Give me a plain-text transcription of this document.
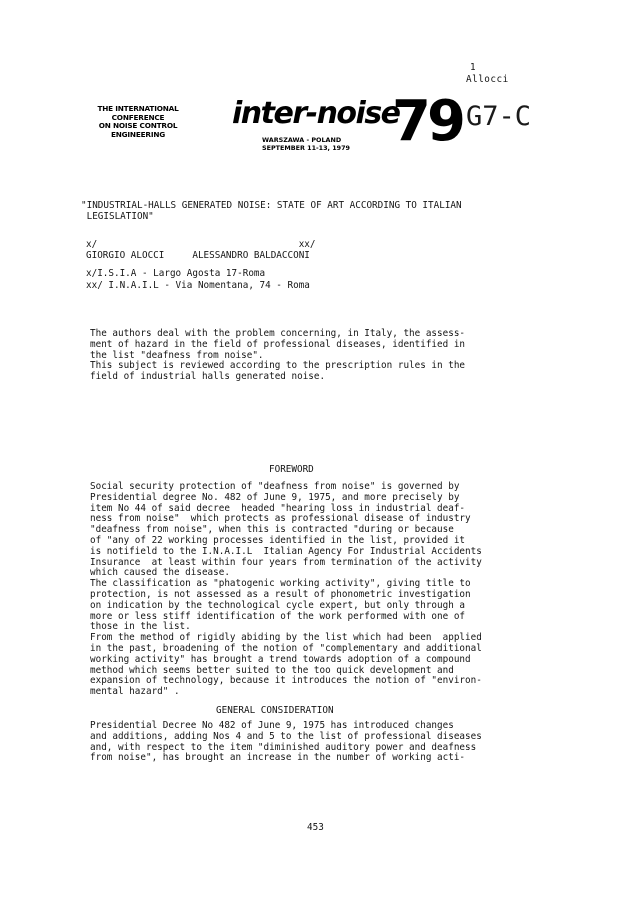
1
Allocci
THE INTERNATIONAL
CONFERENCE
ON NOISE CONTROL
ENGINEERING
inter-noise
79
WARSZAWA - POLAND
SEPTEMBER 11-13, 1979
G7-C
"INDUSTRIAL-HALLS GENERATED NOISE: STATE OF ART ACCORDING TO ITALIAN
LEGISLATION"
x/                                    xx/
GIORGIO ALOCCI     ALESSANDRO BALDACCONI
x/I.S.I.A - Largo Agosta 17-Roma
xx/ I.N.A.I.L - Via Nomentana, 74 - Roma
The authors deal with the problem concerning, in Italy, the assess-
ment of hazard in the field of professional diseases, identified in
the list "deafness from noise".
This subject is reviewed according to the prescription rules in the
field of industrial halls generated noise.
FOREWORD
Social security protection of "deafness from noise" is governed by
Presidential degree No. 482 of June 9, 1975, and more precisely by
item No 44 of said decree  headed "hearing loss in industrial deaf-
ness from noise"  which protects as professional disease of industry
"deafness from noise", when this is contracted "during or because
of "any of 22 working processes identified in the list, provided it
is notifield to the I.N.A.I.L  Italian Agency For Industrial Accidents
Insurance  at least within four years from termination of the activity
which caused the disease.
The classification as "phatogenic working activity", giving title to
protection, is not assessed as a result of phonometric investigation
on indication by the technological cycle expert, but only through a
more or less stiff identification of the work performed with one of
those in the list.
From the method of rigidly abiding by the list which had been  applied
in the past, broadening of the notion of "complementary and additional
working activity" has brought a trend towards adoption of a compound
method which seems better suited to the too quick development and
expansion of technology, because it introduces the notion of "environ-
mental hazard" .
GENERAL CONSIDERATION
Presidential Decree No 482 of June 9, 1975 has introduced changes
and additions, adding Nos 4 and 5 to the list of professional diseases
and, with respect to the item "diminished auditory power and deafness
from noise", has brought an increase in the number of working acti-
453
